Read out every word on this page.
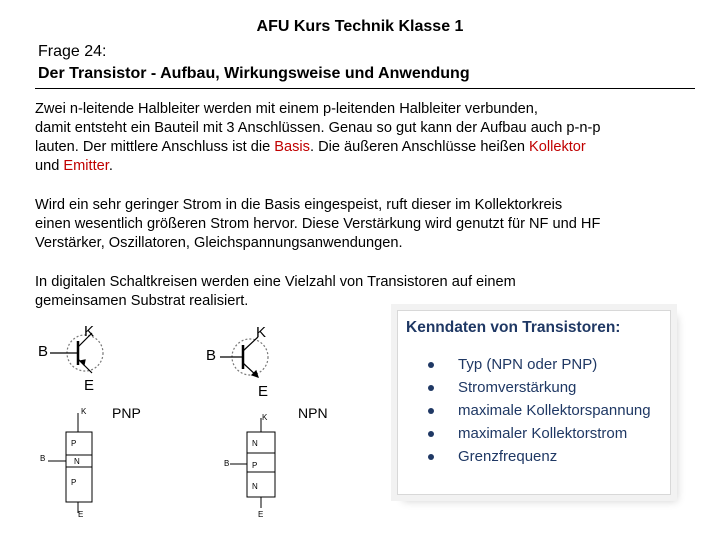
AFU Kurs Technik Klasse 1
Frage 24:
Der Transistor - Aufbau, Wirkungsweise und Anwendung
Zwei n-leitende Halbleiter werden mit einem p-leitenden Halbleiter verbunden,
damit entsteht ein Bauteil mit 3 Anschlüssen. Genau so gut kann der Aufbau auch p-n-p
lauten. Der mittlere Anschluss ist die Basis. Die äußeren Anschlüsse heißen Kollektor
und Emitter.
Wird ein sehr geringer Strom in die Basis eingespeist, ruft dieser im Kollektorkreis
einen wesentlich größeren Strom hervor. Diese Verstärkung wird genutzt für NF und HF
Verstärker, Oszillatoren, Gleichspannungsanwendungen.
In digitalen Schaltkreisen werden eine Vielzahl von Transistoren auf einem
gemeinsamen Substrat realisiert.
B
K
E
B
K
E
PNP	NPN
K
B
E
P
N
P
K
B
E
N
P
N
Kenndaten von Transistoren:
Typ (NPN oder PNP)
Stromverstärkung
maximale Kollektorspannung
maximaler Kollektorstrom
Grenzfrequenz
